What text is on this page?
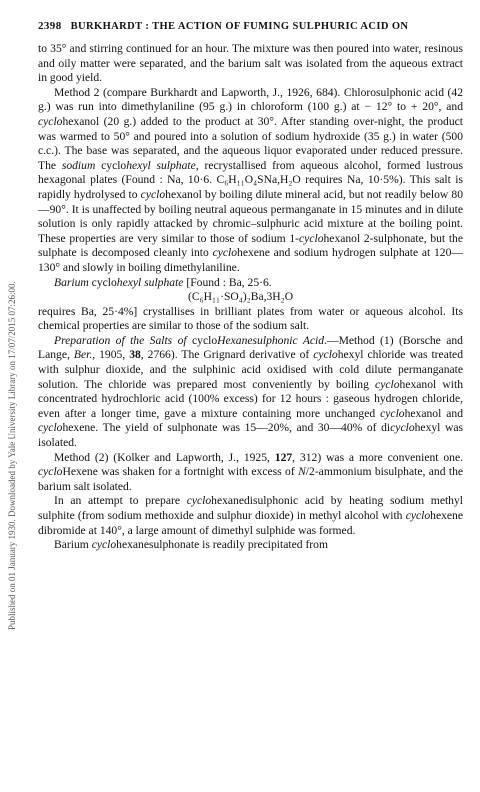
Published on 01 January 1930. Downloaded by Yale University Library on 17/07/2015 07:26:00.
2398 BURKHARDT : THE ACTION OF FUMING SULPHURIC ACID ON

to 35° and stirring continued for an hour. The mixture was then poured into water, resinous and oily matter were separated, and the barium salt was isolated from the aqueous extract in good yield.

Method 2 (compare Burkhardt and Lapworth, J., 1926, 684). Chlorosulphonic acid (42 g.) was run into dimethylaniline (95 g.) in chloroform (100 g.) at − 12° to + 20°, and cyclohexanol (20 g.) added to the product at 30°. After standing over-night, the product was warmed to 50° and poured into a solution of sodium hydroxide (35 g.) in water (500 c.c.). The base was separated, and the aqueous liquor evaporated under reduced pressure. The sodium cyclohexyl sulphate, recrystallised from aqueous alcohol, formed lustrous hexagonal plates (Found : Na, 10·6. C₆H₁₁O₄SNa,H₂O requires Na, 10·5%). This salt is rapidly hydrolysed to cyclohexanol by boiling dilute mineral acid, but not readily below 80—90°. It is unaffected by boiling neutral aqueous permanganate in 15 minutes and in dilute solution is only rapidly attacked by chromic–sulphuric acid mixture at the boiling point. These properties are very similar to those of sodium 1-cyclohexanol 2-sulphonate, but the sulphate is decomposed cleanly into cyclohexene and sodium hydrogen sulphate at 120—130° and slowly in boiling dimethylaniline.

Barium cyclohexyl sulphate [Found : Ba, 25·6.

(C₆H₁₁·SO₄)₂Ba,3H₂O

requires Ba, 25·4%] crystallises in brilliant plates from water or aqueous alcohol. Its chemical properties are similar to those of the sodium salt.

Preparation of the Salts of cycloHexanesulphonic Acid.—Method (1) (Borsche and Lange, Ber., 1905, 38, 2766). The Grignard derivative of cyclohexyl chloride was treated with sulphur dioxide, and the sulphinic acid oxidised with cold dilute permanganate solution. The chloride was prepared most conveniently by boiling cyclohexanol with concentrated hydrochloric acid (100% excess) for 12 hours : gaseous hydrogen chloride, even after a longer time, gave a mixture containing more unchanged cyclohexanol and cyclohexene. The yield of sulphonate was 15—20%, and 30—40% of dicyclohexyl was isolated.

Method (2) (Kolker and Lapworth, J., 1925, 127, 312) was a more convenient one. cycloHexene was shaken for a fortnight with excess of N/2-ammonium bisulphate, and the barium salt isolated.

In an attempt to prepare cyclohexanedisulphonic acid by heating sodium methyl sulphite (from sodium methoxide and sulphur dioxide) in methyl alcohol with cyclohexene dibromide at 140°, a large amount of dimethyl sulphide was formed.

Barium cyclohexanesulphonate is readily precipitated from
